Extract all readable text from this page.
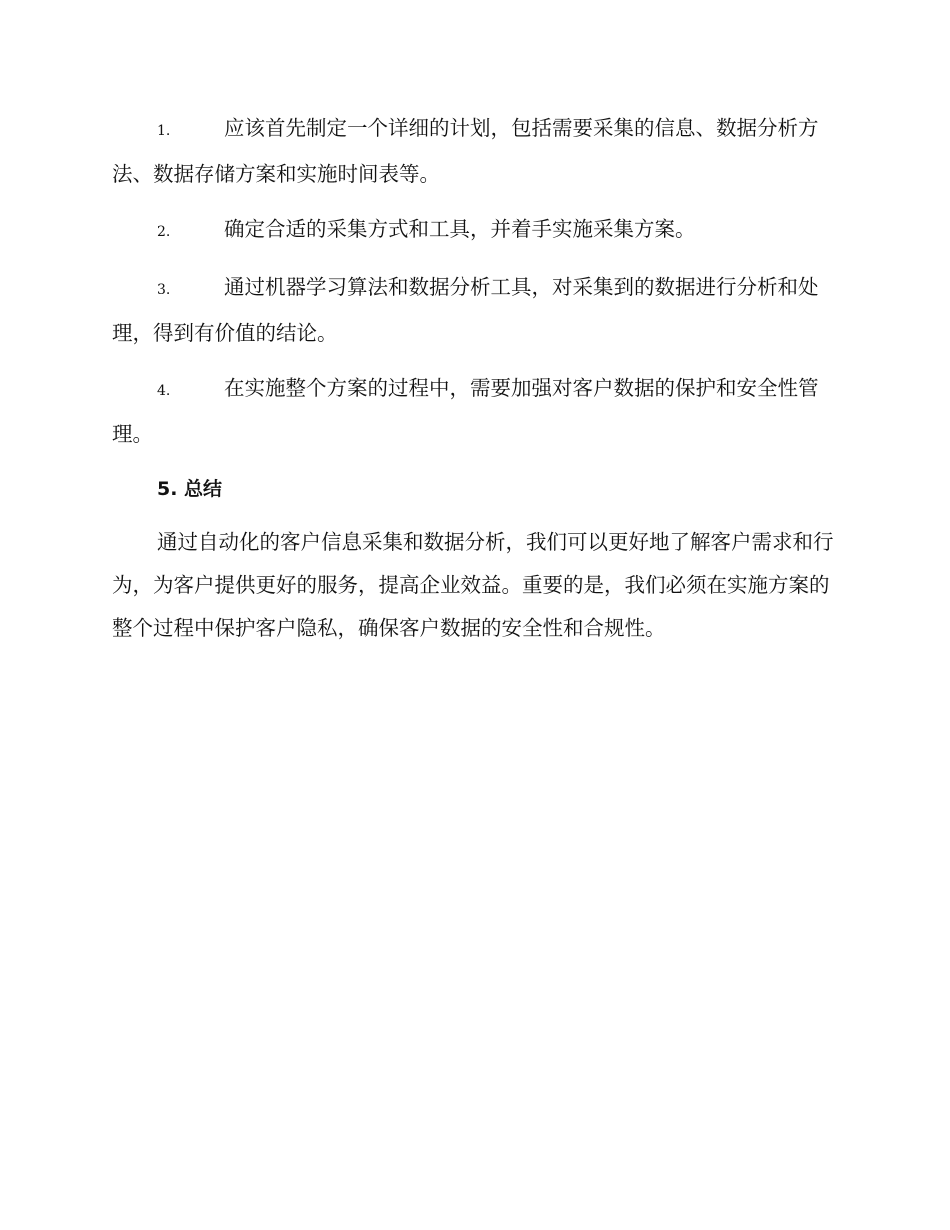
1.	应该首先制定一个详细的计划，包括需要采集的信息、数据分析方法、数据存储方案和实施时间表等。
2.	确定合适的采集方式和工具，并着手实施采集方案。
3.	通过机器学习算法和数据分析工具，对采集到的数据进行分析和处理，得到有价值的结论。
4.	在实施整个方案的过程中，需要加强对客户数据的保护和安全性管理。
5. 总结

通过自动化的客户信息采集和数据分析，我们可以更好地了解客户需求和行为，为客户提供更好的服务，提高企业效益。重要的是，我们必须在实施方案的整个过程中保护客户隐私，确保客户数据的安全性和合规性。
